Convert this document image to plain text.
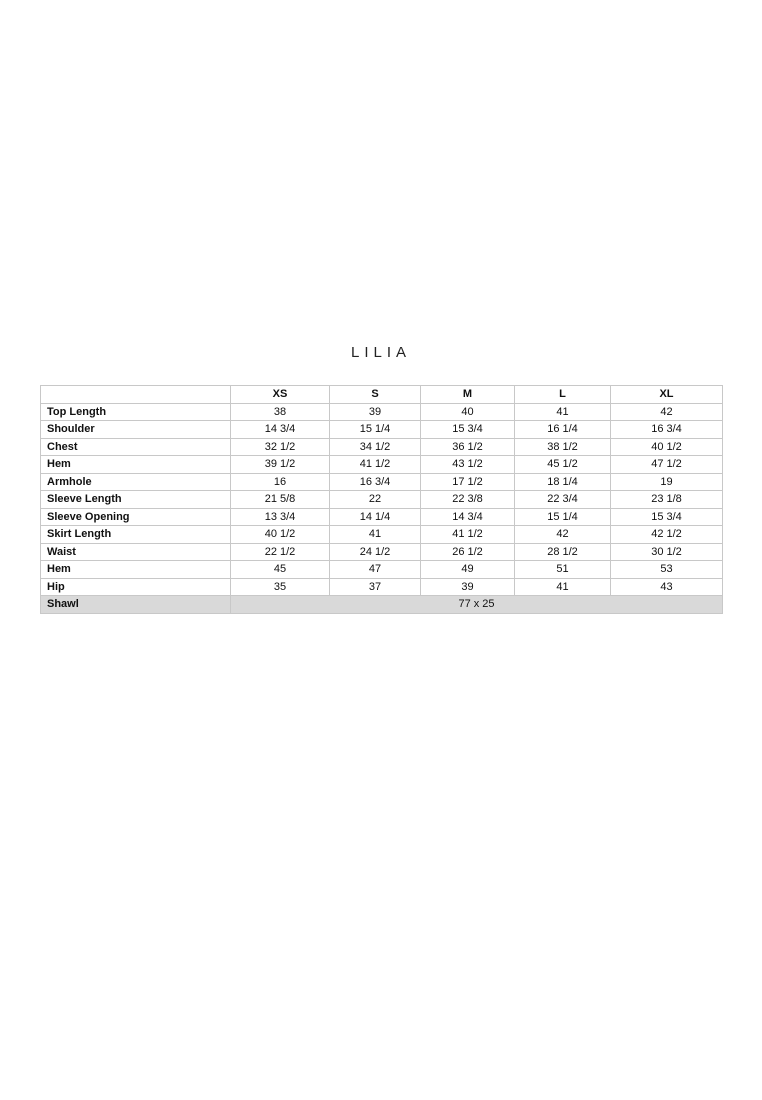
LILIA
	XS	S	M	L	XL
Top Length	38	39	40	41	42
Shoulder	14 3/4	15 1/4	15 3/4	16 1/4	16 3/4
Chest	32 1/2	34 1/2	36 1/2	38 1/2	40 1/2
Hem	39 1/2	41 1/2	43 1/2	45 1/2	47 1/2
Armhole	16	16 3/4	17 1/2	18 1/4	19
Sleeve Length	21 5/8	22	22 3/8	22 3/4	23 1/8
Sleeve Opening	13 3/4	14 1/4	14 3/4	15 1/4	15 3/4
Skirt Length	40 1/2	41	41 1/2	42	42 1/2
Waist	22 1/2	24 1/2	26 1/2	28 1/2	30 1/2
Hem	45	47	49	51	53
Hip	35	37	39	41	43
Shawl	77 x 25				
